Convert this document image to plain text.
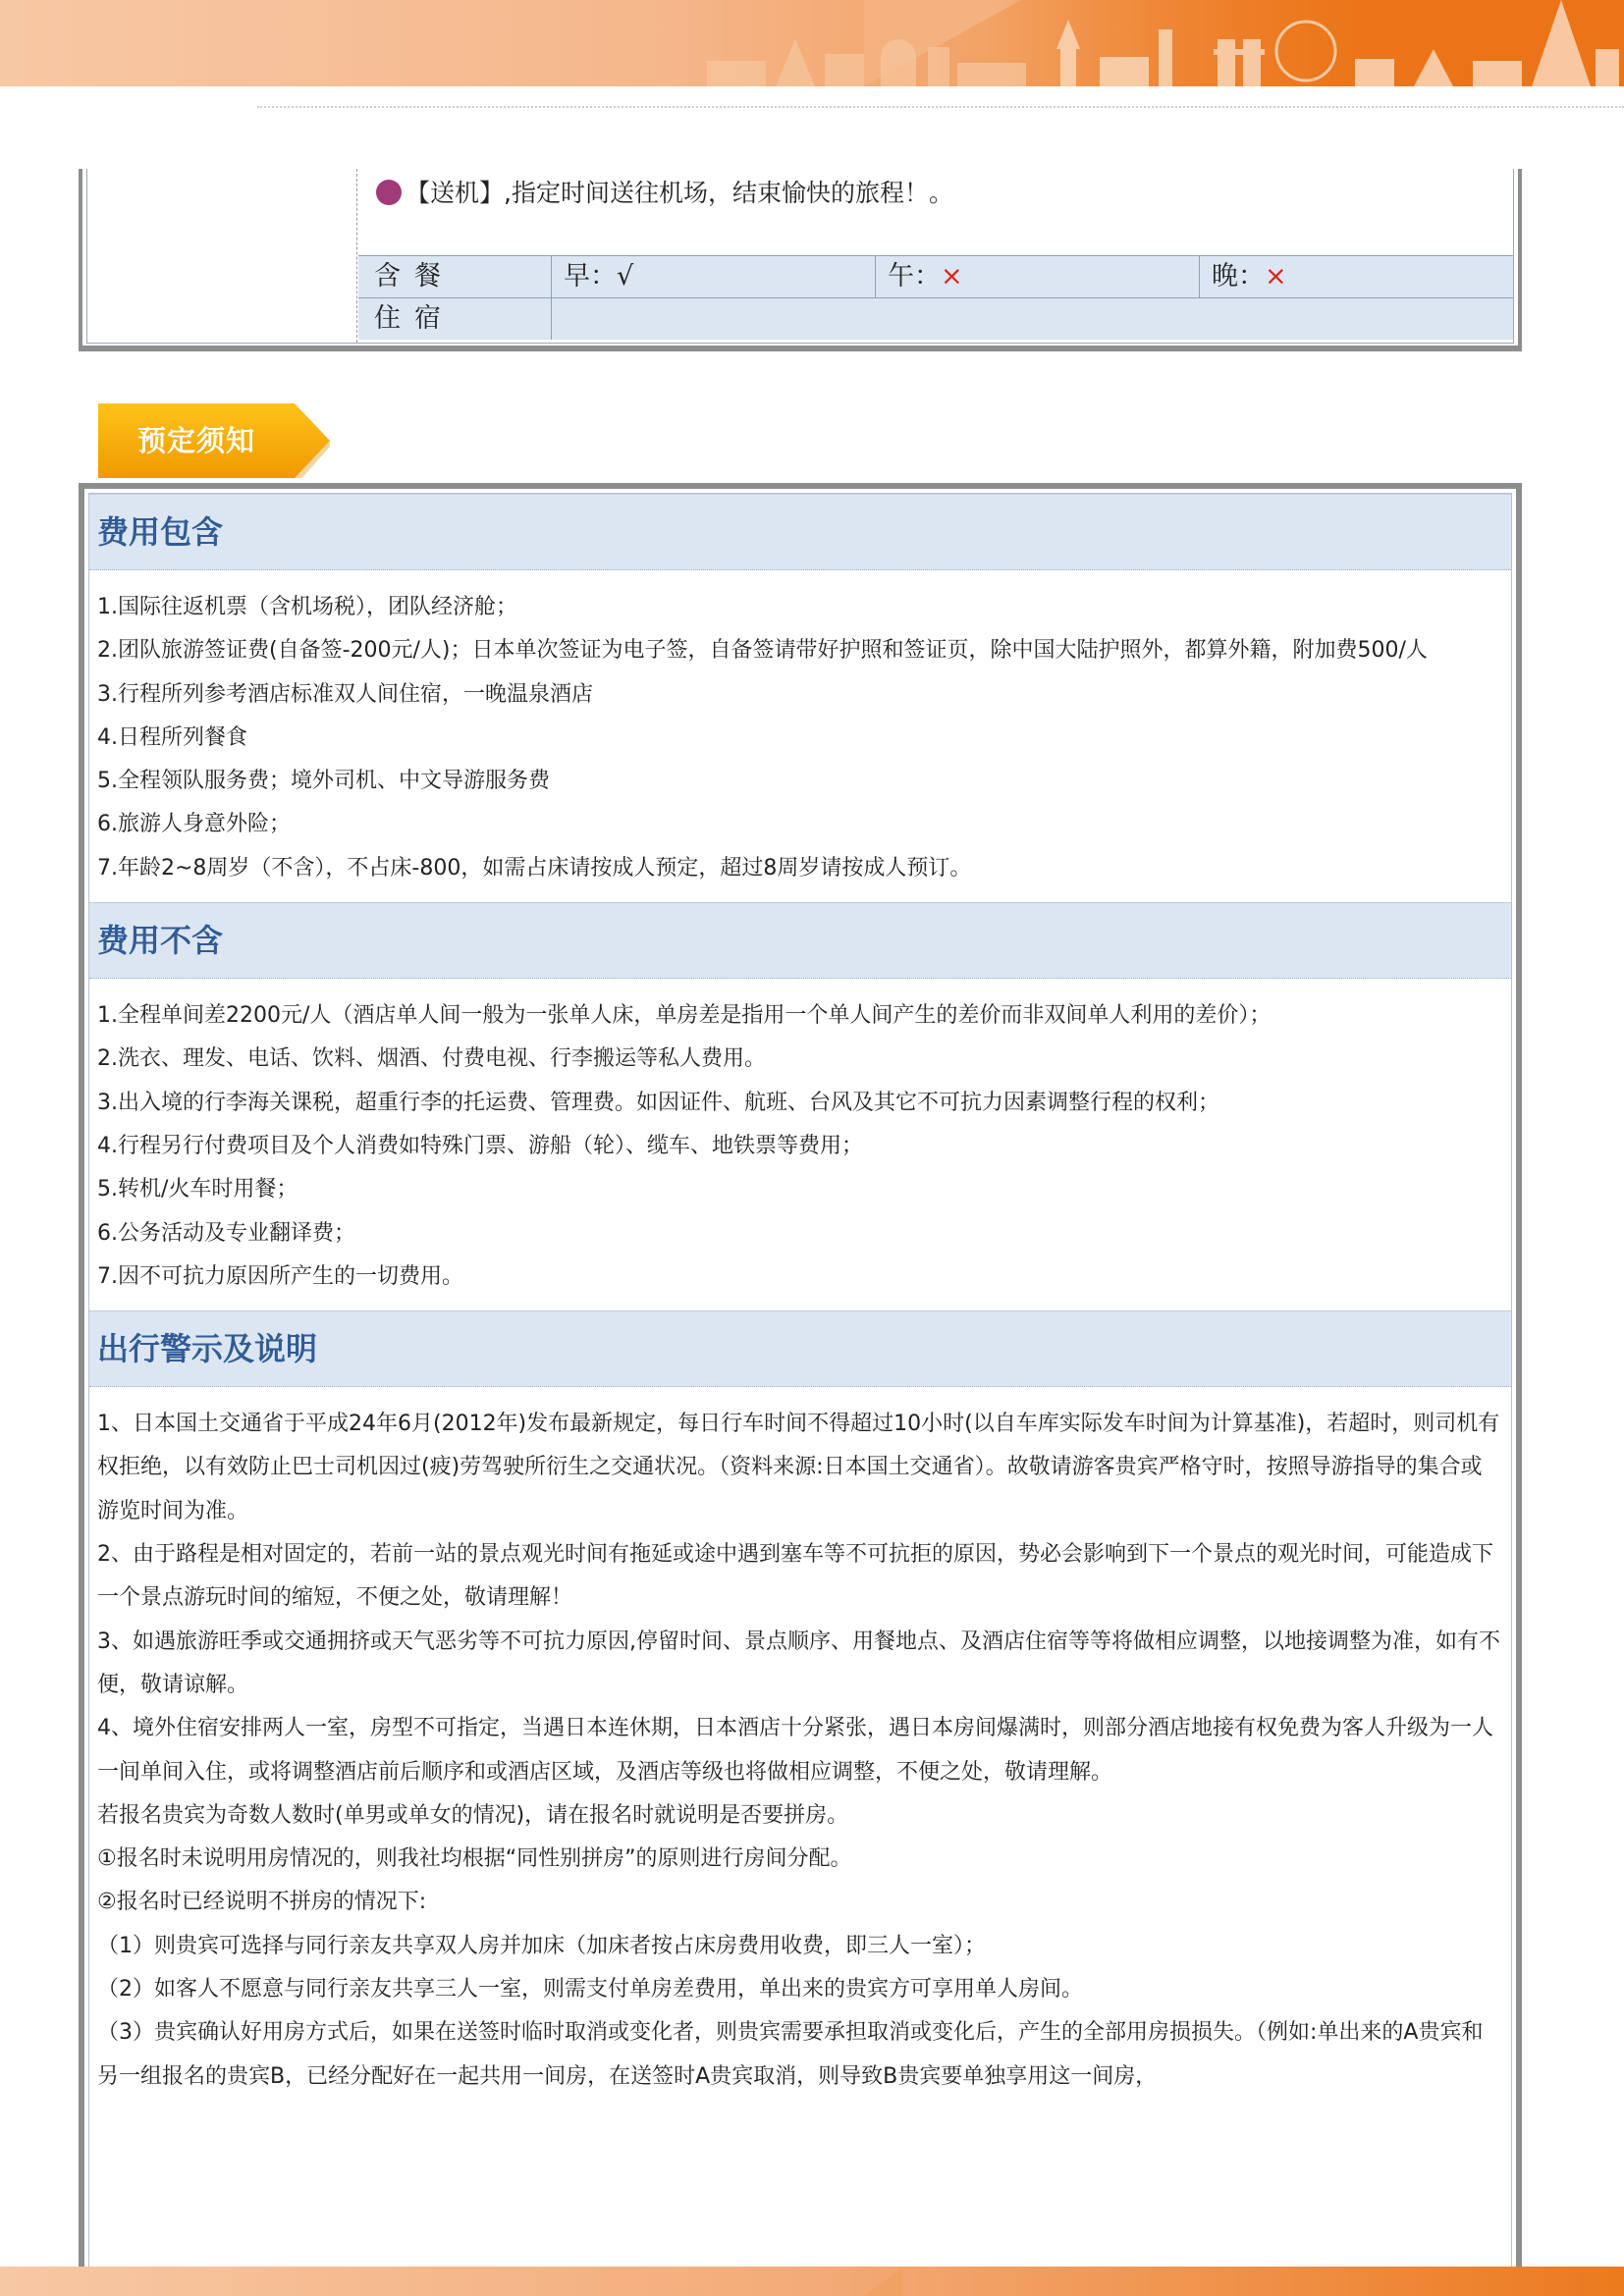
【送机】,指定时间送往机场，结束愉快的旅程！。
含餐	早：√	午：×	晚：×
住宿
预定须知
费用包含

1.国际往返机票（含机场税），团队经济舱；

2.团队旅游签证费(自备签-200元/人)；日本单次签证为电子签，自备签请带好护照和签证页，除中国大陆护照外，都算外籍，附加费500/人

3.行程所列参考酒店标准双人间住宿，一晚温泉酒店

4.日程所列餐食

5.全程领队服务费；境外司机、中文导游服务费

6.旅游人身意外险；

7.年龄2~8周岁（不含），不占床-800，如需占床请按成人预定，超过8周岁请按成人预订。

费用不含

1.全程单间差2200元/人（酒店单人间一般为一张单人床，单房差是指用一个单人间产生的差价而非双间单人利用的差价）；

2.洗衣、理发、电话、饮料、烟酒、付费电视、行李搬运等私人费用。

3.出入境的行李海关课税，超重行李的托运费、管理费。如因证件、航班、台风及其它不可抗力因素调整行程的权利；

4.行程另行付费项目及个人消费如特殊门票、游船（轮）、缆车、地铁票等费用；

5.转机/火车时用餐；

6.公务活动及专业翻译费；

7.因不可抗力原因所产生的一切费用。

出行警示及说明

1、日本国土交通省于平成24年6月(2012年)发布最新规定，每日行车时间不得超过10小时(以自车库实际发车时间为计算基准)，若超时，则司机有权拒绝，以有效防止巴士司机因过(疲)劳驾驶所衍生之交通状况。（资料来源:日本国土交通省）。故敬请游客贵宾严格守时，按照导游指导的集合或游览时间为准。

2、由于路程是相对固定的，若前一站的景点观光时间有拖延或途中遇到塞车等不可抗拒的原因，势必会影响到下一个景点的观光时间，可能造成下一个景点游玩时间的缩短，不便之处，敬请理解！

3、如遇旅游旺季或交通拥挤或天气恶劣等不可抗力原因,停留时间、景点顺序、用餐地点、及酒店住宿等等将做相应调整，以地接调整为准，如有不便，敬请谅解。

4、境外住宿安排两人一室，房型不可指定，当遇日本连休期，日本酒店十分紧张，遇日本房间爆满时，则部分酒店地接有权免费为客人升级为一人一间单间入住，或将调整酒店前后顺序和或酒店区域，及酒店等级也将做相应调整，不便之处，敬请理解。

若报名贵宾为奇数人数时(单男或单女的情况)，请在报名时就说明是否要拼房。

①报名时未说明用房情况的，则我社均根据“同性别拼房”的原则进行房间分配。

②报名时已经说明不拼房的情况下:

（1）则贵宾可选择与同行亲友共享双人房并加床（加床者按占床房费用收费，即三人一室）；

（2）如客人不愿意与同行亲友共享三人一室，则需支付单房差费用，单出来的贵宾方可享用单人房间。

（3）贵宾确认好用房方式后，如果在送签时临时取消或变化者，则贵宾需要承担取消或变化后，产生的全部用房损损失。（例如:单出来的A贵宾和另一组报名的贵宾B，已经分配好在一起共用一间房，在送签时A贵宾取消，则导致B贵宾要单独享用这一间房，
